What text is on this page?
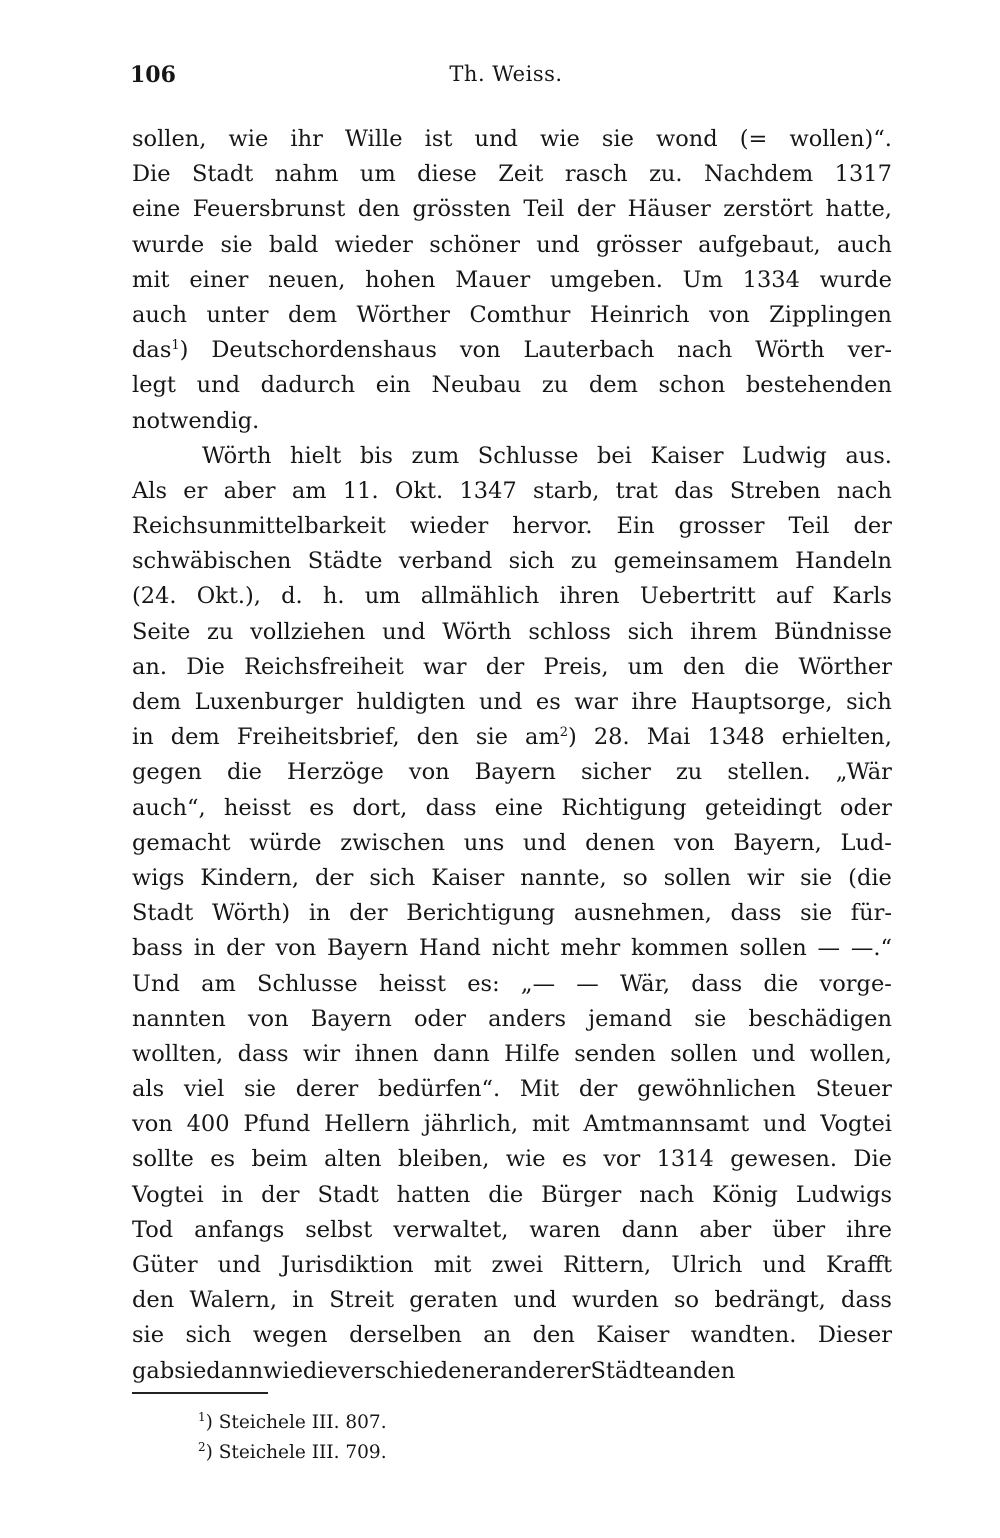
106	Th. Weiss.
sollen, wie ihr Wille ist und wie sie wond (= wollen)“.
Die Stadt nahm um diese Zeit rasch zu. Nachdem 1317
eine Feuersbrunst den grössten Teil der Häuser zerstört hatte,
wurde sie bald wieder schöner und grösser aufgebaut, auch
mit einer neuen, hohen Mauer umgeben. Um 1334 wurde
auch unter dem Wörther Comthur Heinrich von Zipplingen
das$^1$) Deutschordenshaus von Lauterbach nach Wörth ver-
legt und dadurch ein Neubau zu dem schon bestehenden
notwendig.
Wörth hielt bis zum Schlusse bei Kaiser Ludwig aus.
Als er aber am 11. Okt. 1347 starb, trat das Streben nach
Reichsunmittelbarkeit wieder hervor. Ein grosser Teil der
schwäbischen Städte verband sich zu gemeinsamem Handeln
(24. Okt.), d. h. um allmählich ihren Uebertritt auf Karls
Seite zu vollziehen und Wörth schloss sich ihrem Bündnisse
an. Die Reichsfreiheit war der Preis, um den die Wörther
dem Luxenburger huldigten und es war ihre Hauptsorge, sich
in dem Freiheitsbrief, den sie $am^2$) 28. Mai 1348 erhielten,
gegen die Herzöge von Bayern sicher zu stellen. „Wär
auch“, heisst es dort, dass eine Richtigung geteidingt oder
gemacht würde zwischen uns und denen von Bayern, Lud-
wigs Kindern, der sich Kaiser nannte, so sollen wir sie (die
Stadt Wörth) in der Berichtigung ausnehmen, dass sie für-
bass in der von Bayern Hand nicht mehr kommen sollen — —.“
Und am Schlusse heisst es: „— — Wär, dass die vorge-
nannten von Bayern oder anders jemand sie beschädigen
wollten, dass wir ihnen dann Hilfe senden sollen und wollen,
als viel sie derer bedürfen“. Mit der gewöhnlichen Steuer
von 400 Pfund Hellern jährlich, mit Amtmannsamt und Vogtei
sollte es beim alten bleiben, wie es vor 1314 gewesen. Die
Vogtei in der Stadt hatten die Bürger nach König Ludwigs
Tod anfangs selbst verwaltet, waren dann aber über ihre
Güter und Jurisdiktion mit zwei Rittern, Ulrich und Krafft
den Walern, in Streit geraten und wurden so bedrängt, dass
sie sich wegen derselben an den Kaiser wandten. Dieser
gab sie dann wie die verschiedener anderer Städte an den
$^1$) Steichele III. 807.
$^2$) Steichele III. 709.
